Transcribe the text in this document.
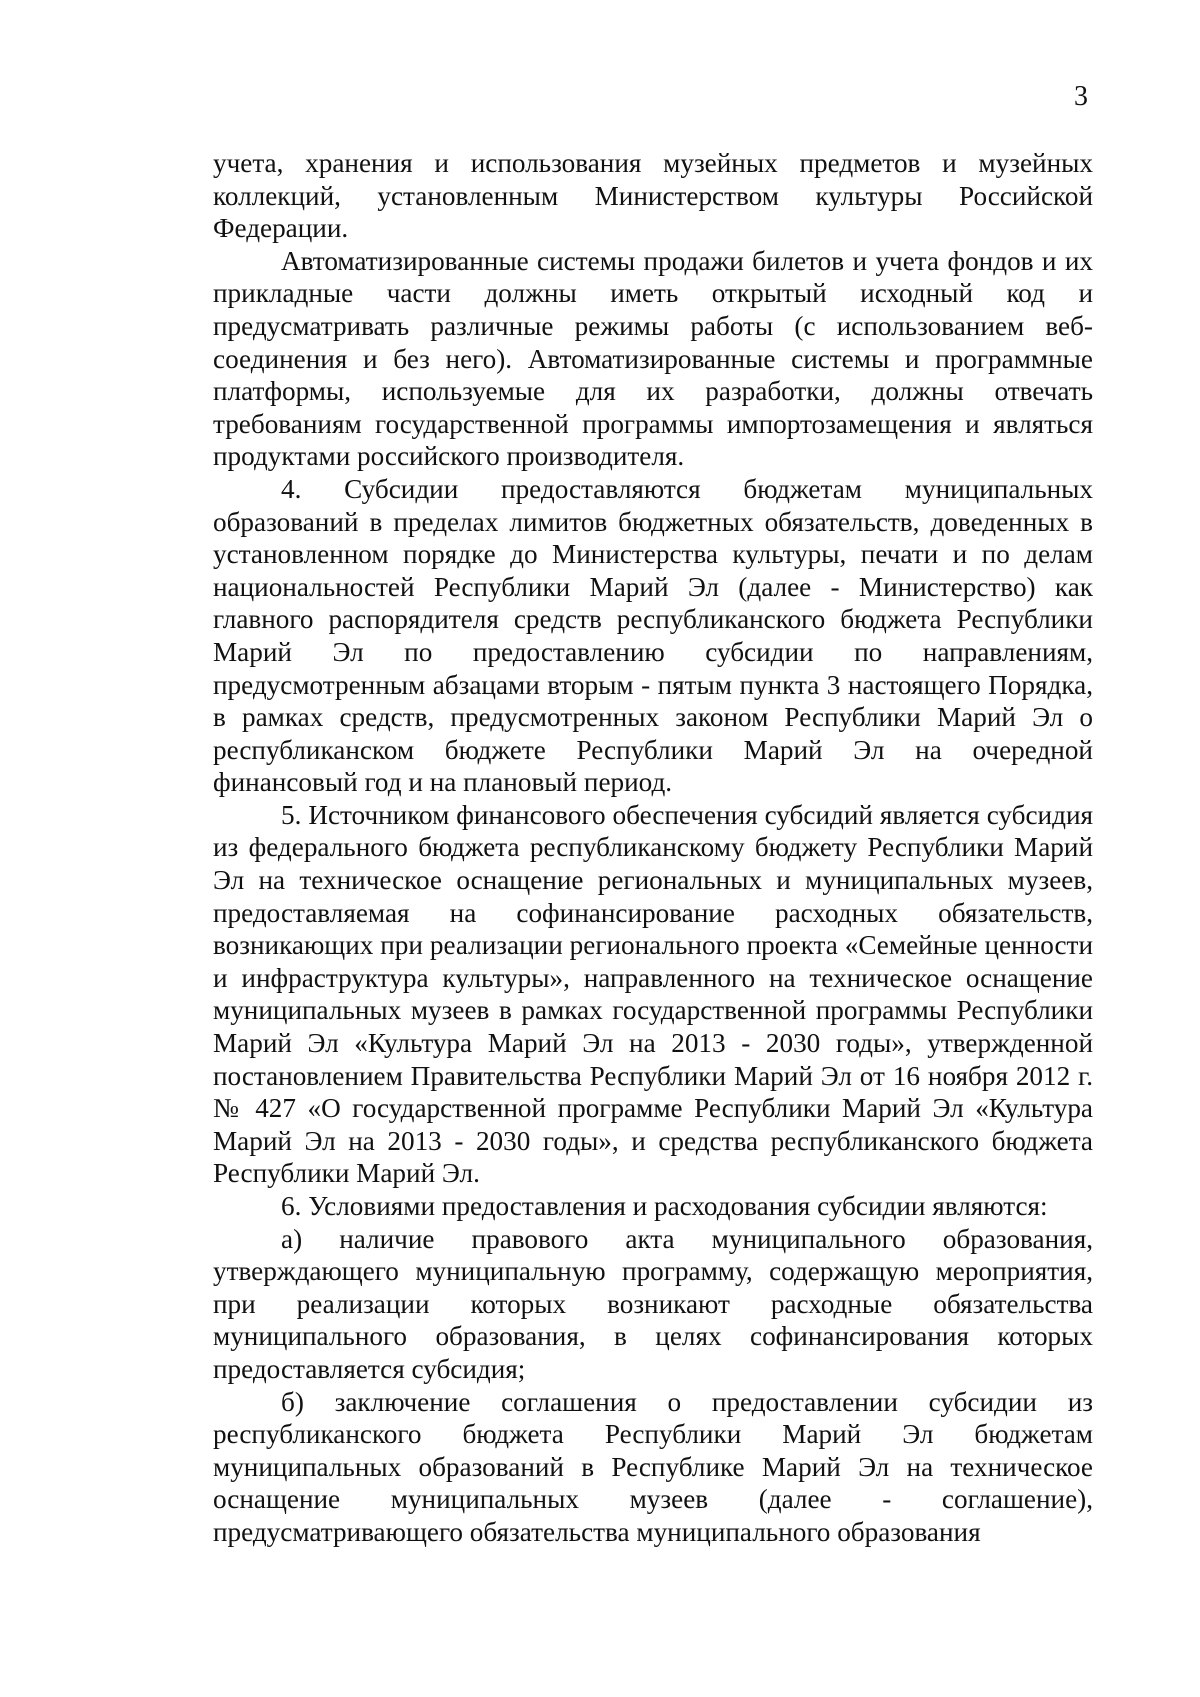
3

учета, хранения и использования музейных предметов и музейных коллекций, установленным Министерством культуры Российской Федерации.

Автоматизированные системы продажи билетов и учета фондов и их прикладные части должны иметь открытый исходный код и предусматривать различные режимы работы (с использованием веб-соединения и без него). Автоматизированные системы и программные платформы, используемые для их разработки, должны отвечать требованиям государственной программы импортозамещения и являться продуктами российского производителя.

4. Субсидии предоставляются бюджетам муниципальных образований в пределах лимитов бюджетных обязательств, доведенных в установленном порядке до Министерства культуры, печати и по делам национальностей Республики Марий Эл (далее - Министерство) как главного распорядителя средств республиканского бюджета Республики Марий Эл по предоставлению субсидии по направлениям, предусмотренным абзацами вторым - пятым пункта 3 настоящего Порядка, в рамках средств, предусмотренных законом Республики Марий Эл о республиканском бюджете Республики Марий Эл на очередной финансовый год и на плановый период.

5. Источником финансового обеспечения субсидий является субсидия из федерального бюджета республиканскому бюджету Республики Марий Эл на техническое оснащение региональных и муниципальных музеев, предоставляемая на софинансирование расходных обязательств, возникающих при реализации регионального проекта «Семейные ценности и инфраструктура культуры», направленного на техническое оснащение муниципальных музеев в рамках государственной программы Республики Марий Эл «Культура Марий Эл на 2013 - 2030 годы», утвержденной постановлением Правительства Республики Марий Эл от 16 ноября 2012 г. № 427 «О государственной программе Республики Марий Эл «Культура Марий Эл на 2013 - 2030 годы», и средства республиканского бюджета Республики Марий Эл.

6. Условиями предоставления и расходования субсидии являются:

а) наличие правового акта муниципального образования, утверждающего муниципальную программу, содержащую мероприятия, при реализации которых возникают расходные обязательства муниципального образования, в целях софинансирования которых предоставляется субсидия;

б) заключение соглашения о предоставлении субсидии из республиканского бюджета Республики Марий Эл бюджетам муниципальных образований в Республике Марий Эл на техническое оснащение муниципальных музеев (далее - соглашение), предусматривающего обязательства муниципального образования
